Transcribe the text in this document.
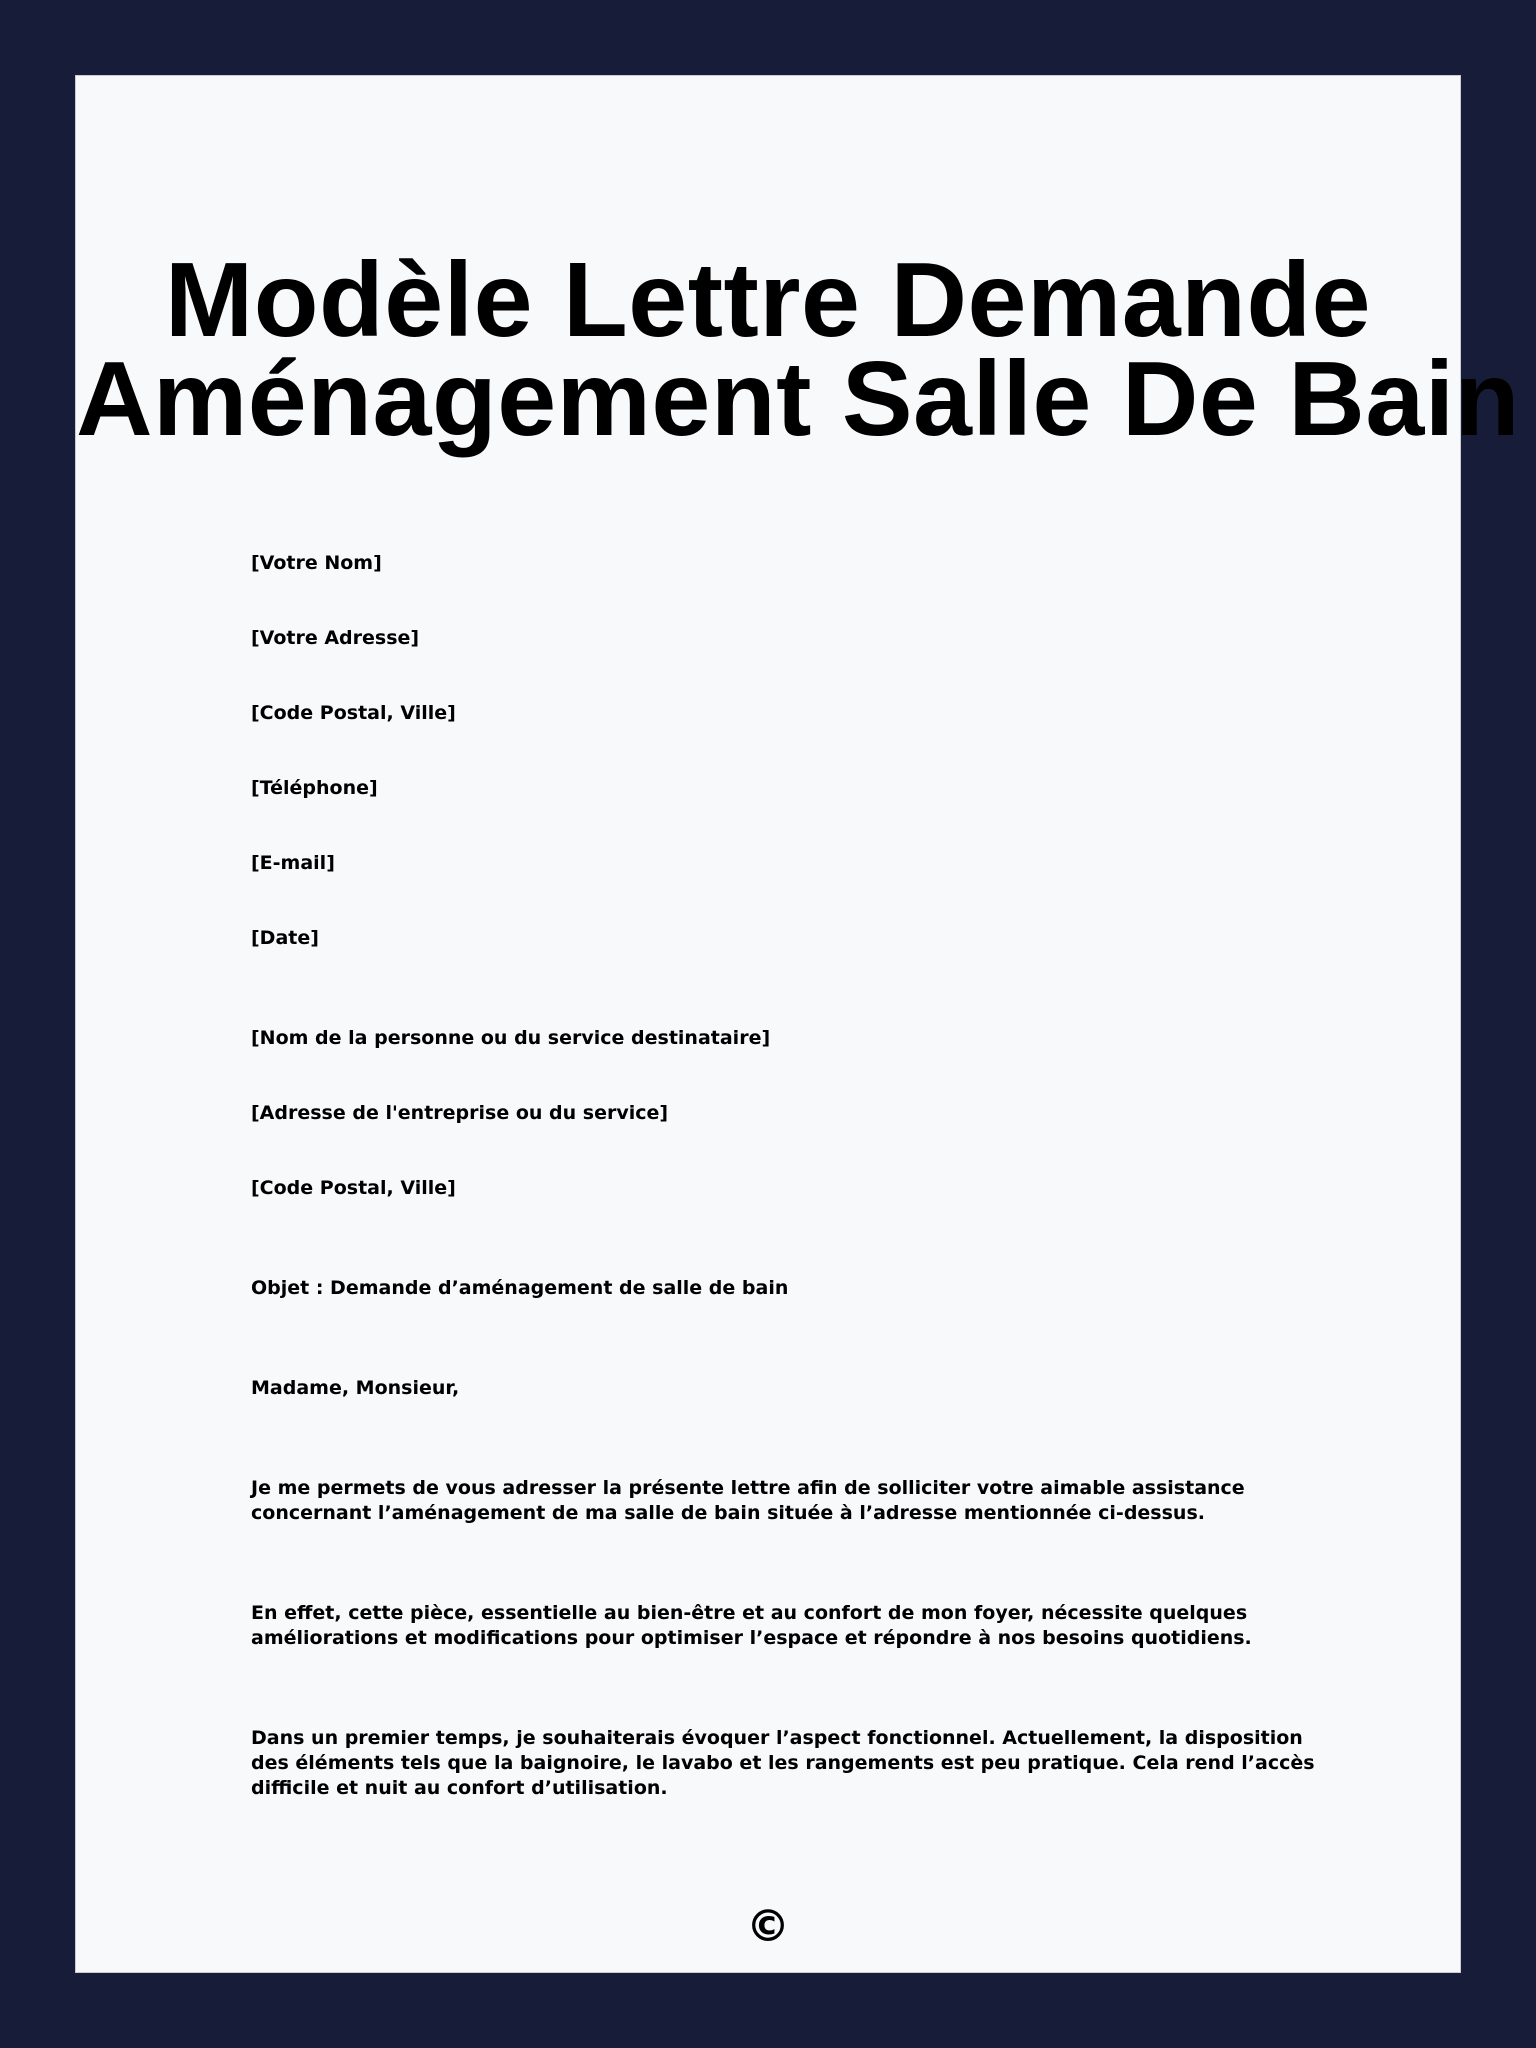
Modèle Lettre Demande
Aménagement Salle De Bain
[Votre Nom]
[Votre Adresse]
[Code Postal, Ville]
[Téléphone]
[E-mail]
[Date]
[Nom de la personne ou du service destinataire]
[Adresse de l'entreprise ou du service]
[Code Postal, Ville]
Objet : Demande d’aménagement de salle de bain
Madame, Monsieur,
Je me permets de vous adresser la présente lettre afin de solliciter votre aimable assistance concernant l’aménagement de ma salle de bain située à l’adresse mentionnée ci-dessus.
En effet, cette pièce, essentielle au bien-être et au confort de mon foyer, nécessite quelques améliorations et modifications pour optimiser l’espace et répondre à nos besoins quotidiens.
Dans un premier temps, je souhaiterais évoquer l’aspect fonctionnel. Actuellement, la disposition des éléments tels que la baignoire, le lavabo et les rangements est peu pratique. Cela rend l’accès difficile et nuit au confort d’utilisation.
©
